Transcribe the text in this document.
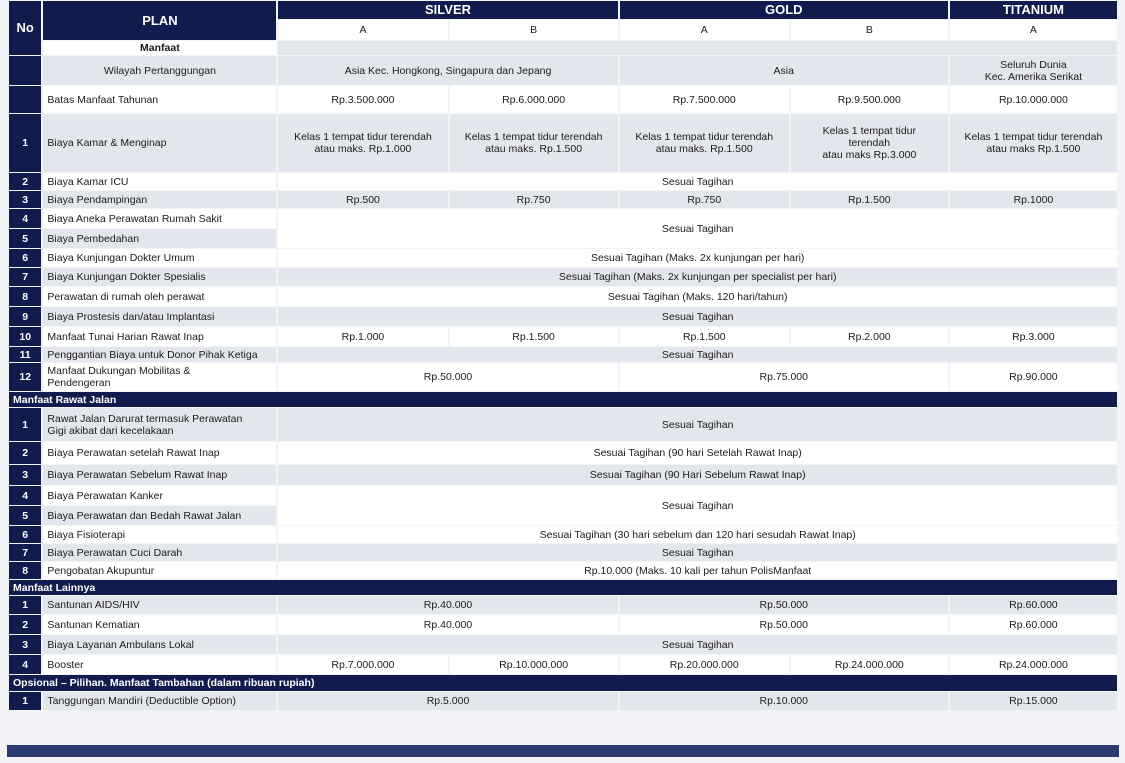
No	PLAN	SILVER		GOLD		TITANIUM
		A	B	A	B	A
	Manfaat					
	Wilayah Pertanggungan	Asia Kec. Hongkong, Singapura dan Jepang		Asia		Seluruh Dunia
Kec. Amerika Serikat
	Batas Manfaat Tahunan	Rp.3.500.000	Rp.6.000.000	Rp.7.500.000	Rp.9.500.000	Rp.10.000.000
1	Biaya Kamar & Menginap	Kelas 1 tempat tidur terendah
atau maks. Rp.1.000	Kelas 1 tempat tidur terendah
atau maks. Rp.1.500	Kelas 1 tempat tidur terendah
atau maks. Rp.1.500	Kelas 1 tempat tidur
terendah
atau maks Rp.3.000	Kelas 1 tempat tidur terendah
atau maks Rp.1.500
2	Biaya Kamar ICU	Sesuai Tagihan				
3	Biaya Pendampingan	Rp.500	Rp.750	Rp.750	Rp.1.500	Rp.1000
4	Biaya Aneka Perawatan Rumah Sakit	Sesuai Tagihan				
5	Biaya Pembedahan					
6	Biaya Kunjungan Dokter Umum	Sesuai Tagihan (Maks. 2x kunjungan per hari)				
7	Biaya Kunjungan Dokter Spesialis	Sesuai Tagihan (Maks. 2x kunjungan per specialist per hari)				
8	Perawatan di rumah oleh perawat	Sesuai Tagihan (Maks. 120 hari/tahun)				
9	Biaya Prostesis dan/atau Implantasi	Sesuai Tagihan				
10	Manfaat Tunai Harian Rawat Inap	Rp.1.000	Rp.1.500	Rp.1.500	Rp.2.000	Rp.3.000
11	Penggantian Biaya untuk Donor Pihak Ketiga	Sesuai Tagihan				
12	Manfaat Dukungan Mobilitas &
Pendengeran	Rp.50.000		Rp.75.000		Rp.90.000
Manfaat Rawat Jalan						
1	Rawat Jalan Darurat termasuk Perawatan
Gigi akibat dari kecelakaan	Sesuai Tagihan				
2	Biaya Perawatan setelah Rawat Inap	Sesuai Tagihan (90 hari Setelah Rawat Inap)				
3	Biaya Perawatan Sebelum Rawat Inap	Sesuai Tagihan (90 Hari Sebelum Rawat Inap)				
4	Biaya Perawatan Kanker	Sesuai Tagihan				
5	Biaya Perawatan dan Bedah Rawat Jalan					
6	Biaya Fisioterapi	Sesuai Tagihan (30 hari sebelum dan 120 hari sesudah Rawat Inap)				
7	Biaya Perawatan Cuci Darah	Sesuai Tagihan				
8	Pengobatan Akupuntur	Rp.10.000 (Maks. 10 kali per tahun PolisManfaat				
Manfaat Lainnya						
1	Santunan AIDS/HIV	Rp.40.000		Rp.50.000		Rp.60.000
2	Santunan Kematian	Rp.40.000		Rp.50.000		Rp.60.000
3	Biaya Layanan Ambulans Lokal	Sesuai Tagihan				
4	Booster	Rp.7.000.000	Rp.10.000.000	Rp.20.000.000	Rp.24.000.000	Rp.24.000.000
Opsional – Pilihan. Manfaat Tambahan (dalam ribuan rupiah)						
1	Tanggungan Mandiri (Deductible Option)	Rp.5.000		Rp.10.000		Rp.15.000
